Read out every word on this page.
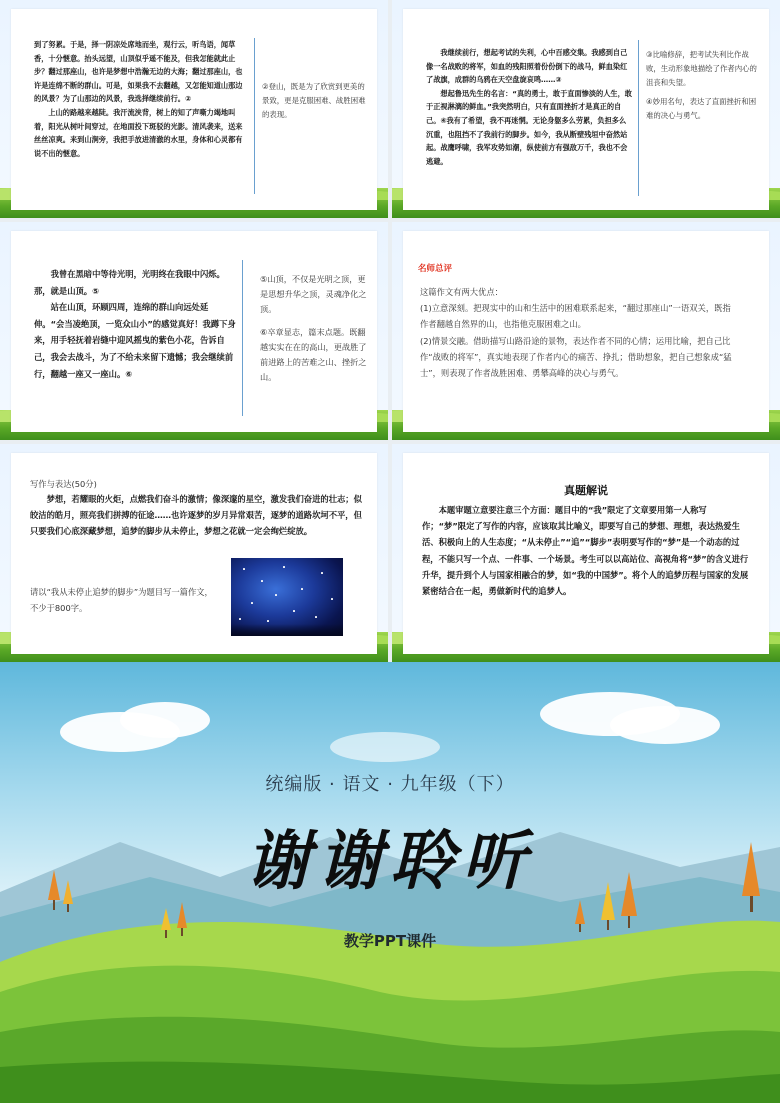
到了努累。于是，择一阴凉处席地而坐，观行云，听鸟语，闻草香，十分惬意。抬头远望，山顶似乎遥不能及，但我怎能就此止步？翻过那座山，也许是梦想中浩瀚无边的大海；翻过那座山，也许是连绵不断的群山。可是，如果我不去翻越，又怎能知道山那边的风景？为了山那边的风景，我选择继续前行。②

上山的路越来越陡。我汗流浃背，树上的知了声嘶力竭地叫着，阳光从树叶间穿过，在地面投下斑驳的光影。清风袭来，送来丝丝凉爽。来到山涧旁，我把手放进清澈的水里，身体和心灵都有说不出的惬意。

②登山，既是为了欣赏到更美的景致，更是克服困难、战胜困难的表现。

我继续前行，想起考试的失利，心中百感交集。我感到自己像一名战败的将军，如血的残阳照着份份倒下的战马，鲜血染红了战旗，成群的乌鸦在天空盘旋哀鸣……③

想起鲁迅先生的名言：“真的勇士，敢于直面惨淡的人生，敢于正视淋漓的鲜血。”我突然明白，只有直面挫折才是真正的自己。④我有了希望，我不再迷惘。无论身躯多么劳累，负担多么沉重，也阻挡不了我前行的脚步。如今，我从断壁残垣中奋然站起。战鹰呼啸，我军攻势如潮，纵使前方有强敌万千，我也不会逃避。

③比喻修辞，把考试失利比作战败，生动形象地描绘了作者内心的沮丧和失望。

④妙用名句，表达了直面挫折和困难的决心与勇气。

我曾在黑暗中等待光明，光明终在我眼中闪烁。那，就是山顶。⑤

站在山顶，环顾四周，连绵的群山向远处延伸。“会当凌绝顶，一览众山小”的感觉真好！我蹲下身来，用手轻抚着岩缝中迎风摇曳的紫色小花，告诉自己，我会去战斗，为了不给未来留下遗憾；我会继续前行，翻越一座又一座山。⑥

⑤山顶，不仅是光明之顶，更是思想升华之顶，灵魂净化之顶。

⑥卒章显志，篇末点题。既翻越实实在在的高山，更战胜了前进路上的苦难之山、挫折之山。

名师总评

这篇作文有两大优点：

(1)立意深刻。把现实中的山和生活中的困难联系起来，“翻过那座山”一语双关，既指作者翻越自然界的山，也指他克服困难之山。

(2)情景交融。借助描写山路沿途的景物，表达作者不同的心情；运用比喻，把自己比作“战败的将军”，真实地表现了作者内心的痛苦、挣扎；借助想象，把自己想象成“猛士”，则表现了作者战胜困难、勇攀高峰的决心与勇气。

写作与表达(50分)

梦想，若耀眼的火炬，点燃我们奋斗的激情；像深邃的星空，激发我们奋进的壮志；似皎洁的皓月，照亮我们拼搏的征途……也许逐梦的岁月异常艰苦，逐梦的道路坎坷不平，但只要我们心底深藏梦想，追梦的脚步从未停止，梦想之花就一定会绚烂绽放。

请以“我从未停止追梦的脚步”为题目写一篇作文，不少于800字。
真题解说

本题审题立意要注意三个方面：题目中的“我”限定了文章要用第一人称写作；“梦”限定了写作的内容，应该取其比喻义，即要写自己的梦想、理想，表达热爱生活、积极向上的人生态度；“从未停止”“追”“脚步”表明要写作的“梦”是一个动态的过程，不能只写一个点、一件事、一个场景。考生可以以高站位、高视角将“梦”的含义进行升华，提升到个人与国家相融合的梦，如“我的中国梦”。将个人的追梦历程与国家的发展紧密结合在一起，勇做新时代的追梦人。

统编版 · 语文 · 九年级（下）
谢谢聆听
教学PPT课件
